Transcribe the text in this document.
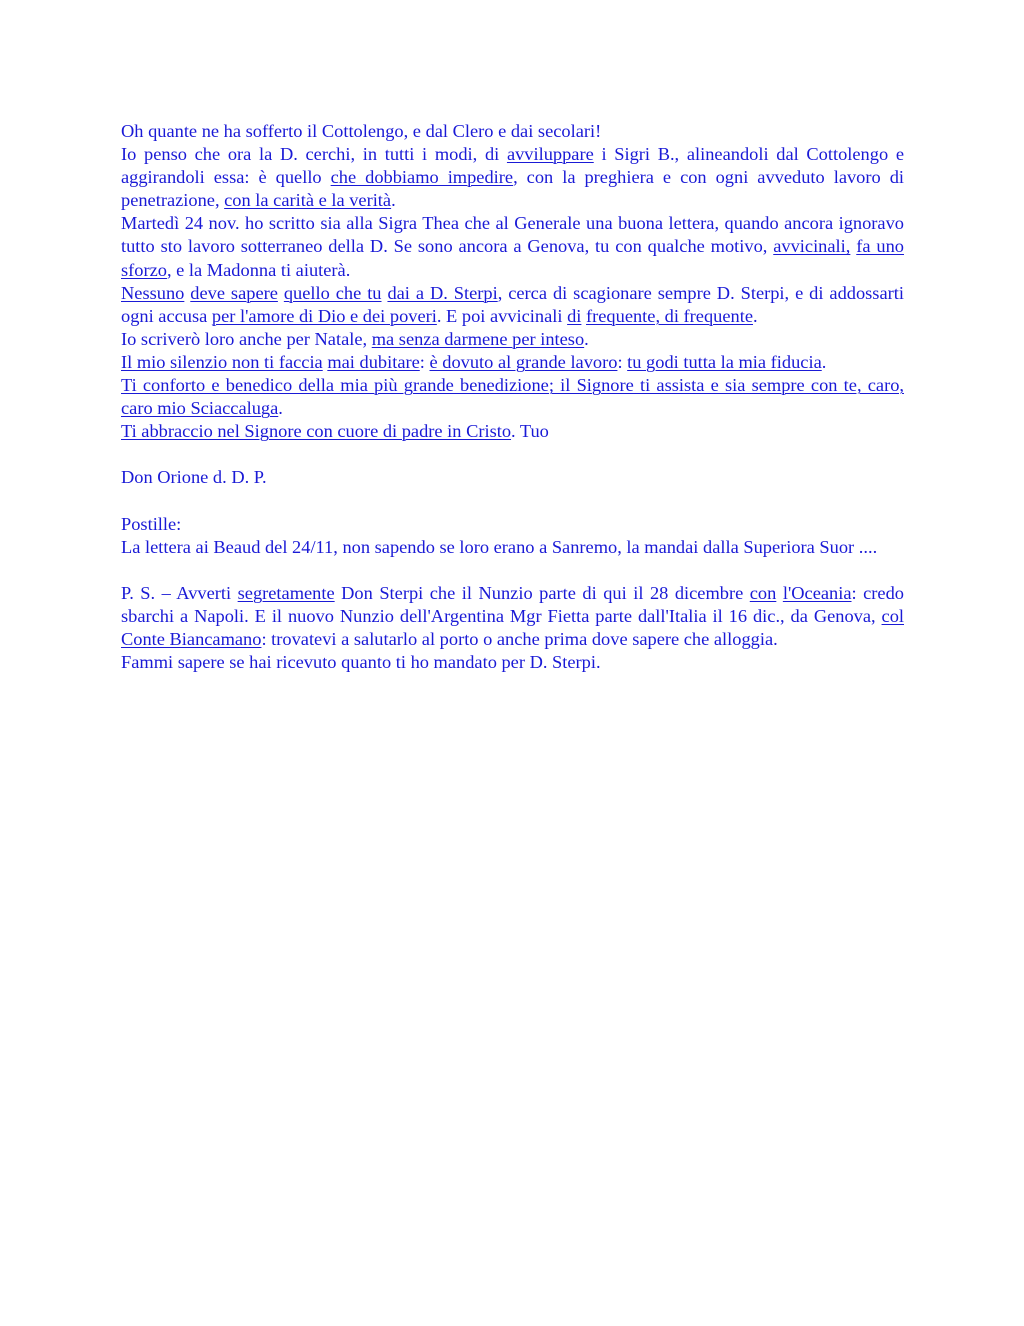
Oh quante ne ha sofferto il Cottolengo, e dal Clero e dai secolari!

Io penso che ora la D. cerchi, in tutti i modi, di avviluppare i Sigri B., alineandoli dal Cottolengo e aggirandoli essa: è quello che dobbiamo impedire, con la preghiera e con ogni avveduto lavoro di penetrazione, con la carità e la verità.

Martedì 24 nov. ho scritto sia alla Sigra Thea che al Generale una buona lettera, quando ancora ignoravo tutto sto lavoro sotterraneo della D. Se sono ancora a Genova, tu con qualche motivo, avvicinali, fa uno sforzo, e la Madonna ti aiuterà.

Nessuno deve sapere quello che tu dai a D. Sterpi, cerca di scagionare sempre D. Sterpi, e di addossarti ogni accusa per l'amore di Dio e dei poveri. E poi avvicinali di frequente, di frequente.

Io scriverò loro anche per Natale, ma senza darmene per inteso.

Il mio silenzio non ti faccia mai dubitare: è dovuto al grande lavoro: tu godi tutta la mia fiducia.

Ti conforto e benedico della mia più grande benedizione; il Signore ti assista e sia sempre con te, caro, caro mio Sciaccaluga.

Ti abbraccio nel Signore con cuore di padre in Cristo. Tuo

Don Orione d. D. P.

Postille:

La lettera ai Beaud del 24/11, non sapendo se loro erano a Sanremo, la mandai dalla Superiora Suor ....

P. S. – Avverti segretamente Don Sterpi che il Nunzio parte di qui il 28 dicembre con l'Oceania: credo sbarchi a Napoli. E il nuovo Nunzio dell'Argentina Mgr Fietta parte dall'Italia il 16 dic., da Genova, col Conte Biancamano: trovatevi a salutarlo al porto o anche prima dove sapere che alloggia.

Fammi sapere se hai ricevuto quanto ti ho mandato per D. Sterpi.
